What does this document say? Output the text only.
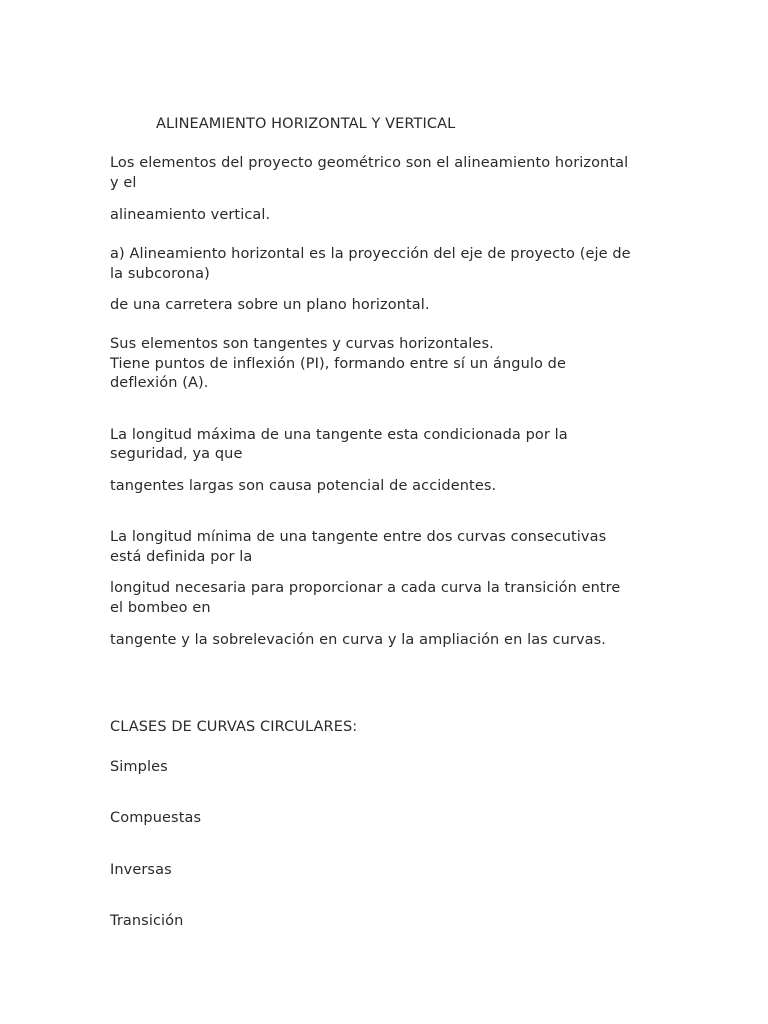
ALINEAMIENTO HORIZONTAL Y VERTICAL
Los elementos del proyecto geométrico son el alineamiento horizontal
y el
alineamiento vertical.
a) Alineamiento horizontal es la proyección del eje de proyecto (eje de
la subcorona)
de una carretera sobre un plano horizontal.
Sus elementos son tangentes y curvas horizontales.
Tiene puntos de inflexión (PI), formando entre sí un ángulo de
deflexión (A).
La longitud máxima de una tangente esta condicionada por la
seguridad, ya que
tangentes largas son causa potencial de accidentes.
La longitud mínima de una tangente entre dos curvas consecutivas
está definida por la
longitud necesaria para proporcionar a cada curva la transición entre
el bombeo en
tangente y la sobrelevación en curva y la ampliación en las curvas.
CLASES DE CURVAS CIRCULARES:
Simples
Compuestas
Inversas
Transición
